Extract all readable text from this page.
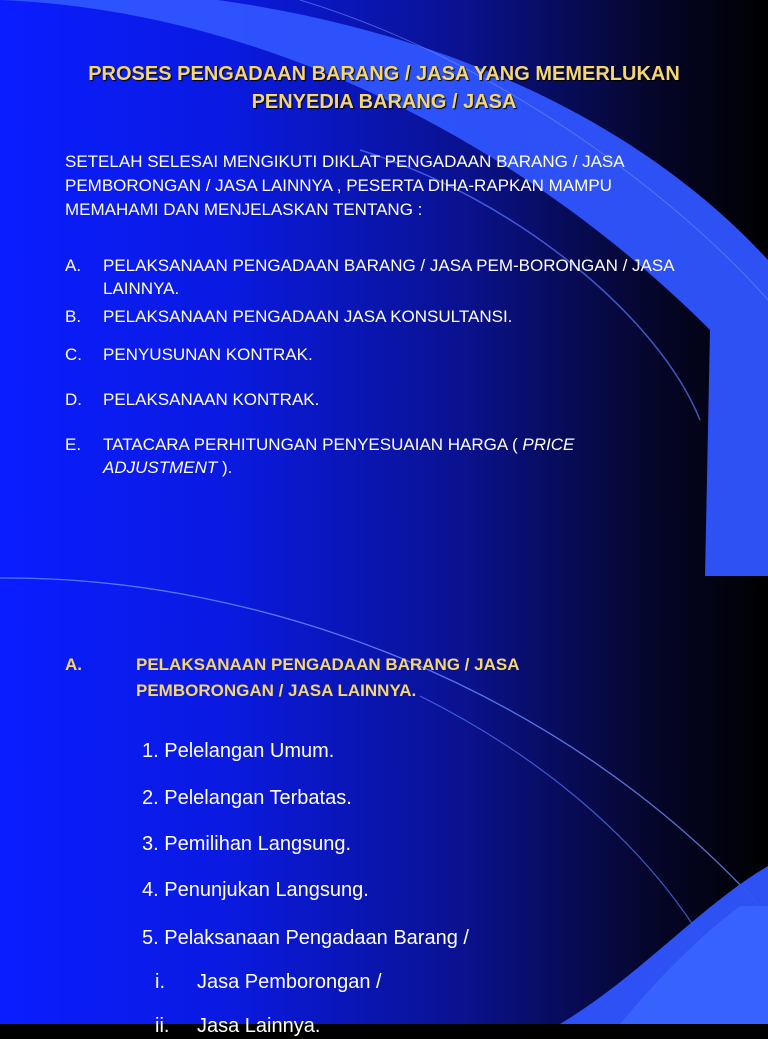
PROSES PENGADAAN BARANG / JASA YANG MEMERLUKAN
PENYEDIA BARANG / JASA
SETELAH SELESAI MENGIKUTI DIKLAT PENGADAAN BARANG / JASA
PEMBORONGAN / JASA LAINNYA , PESERTA DIHA-RAPKAN MAMPU
MEMAHAMI DAN MENJELASKAN TENTANG :
A. PELAKSANAAN PENGADAAN BARANG / JASA PEM-BORONGAN / JASA
LAINNYA.
B. PELAKSANAAN PENGADAAN JASA KONSULTANSI.
C. PENYUSUNAN KONTRAK.
D. PELAKSANAAN KONTRAK.
E. TATACARA PERHITUNGAN PENYESUAIAN HARGA ( PRICE
ADJUSTMENT ).
A.	PELAKSANAAN PENGADAAN BARANG / JASA
PEMBORONGAN / JASA LAINNYA.
1. Pelelangan Umum.
2. Pelelangan Terbatas.
3. Pemilihan Langsung.
4. Penunjukan Langsung.
5. Pelaksanaan Pengadaan Barang /
i. Jasa Pemborongan /
ii. Jasa Lainnya.
